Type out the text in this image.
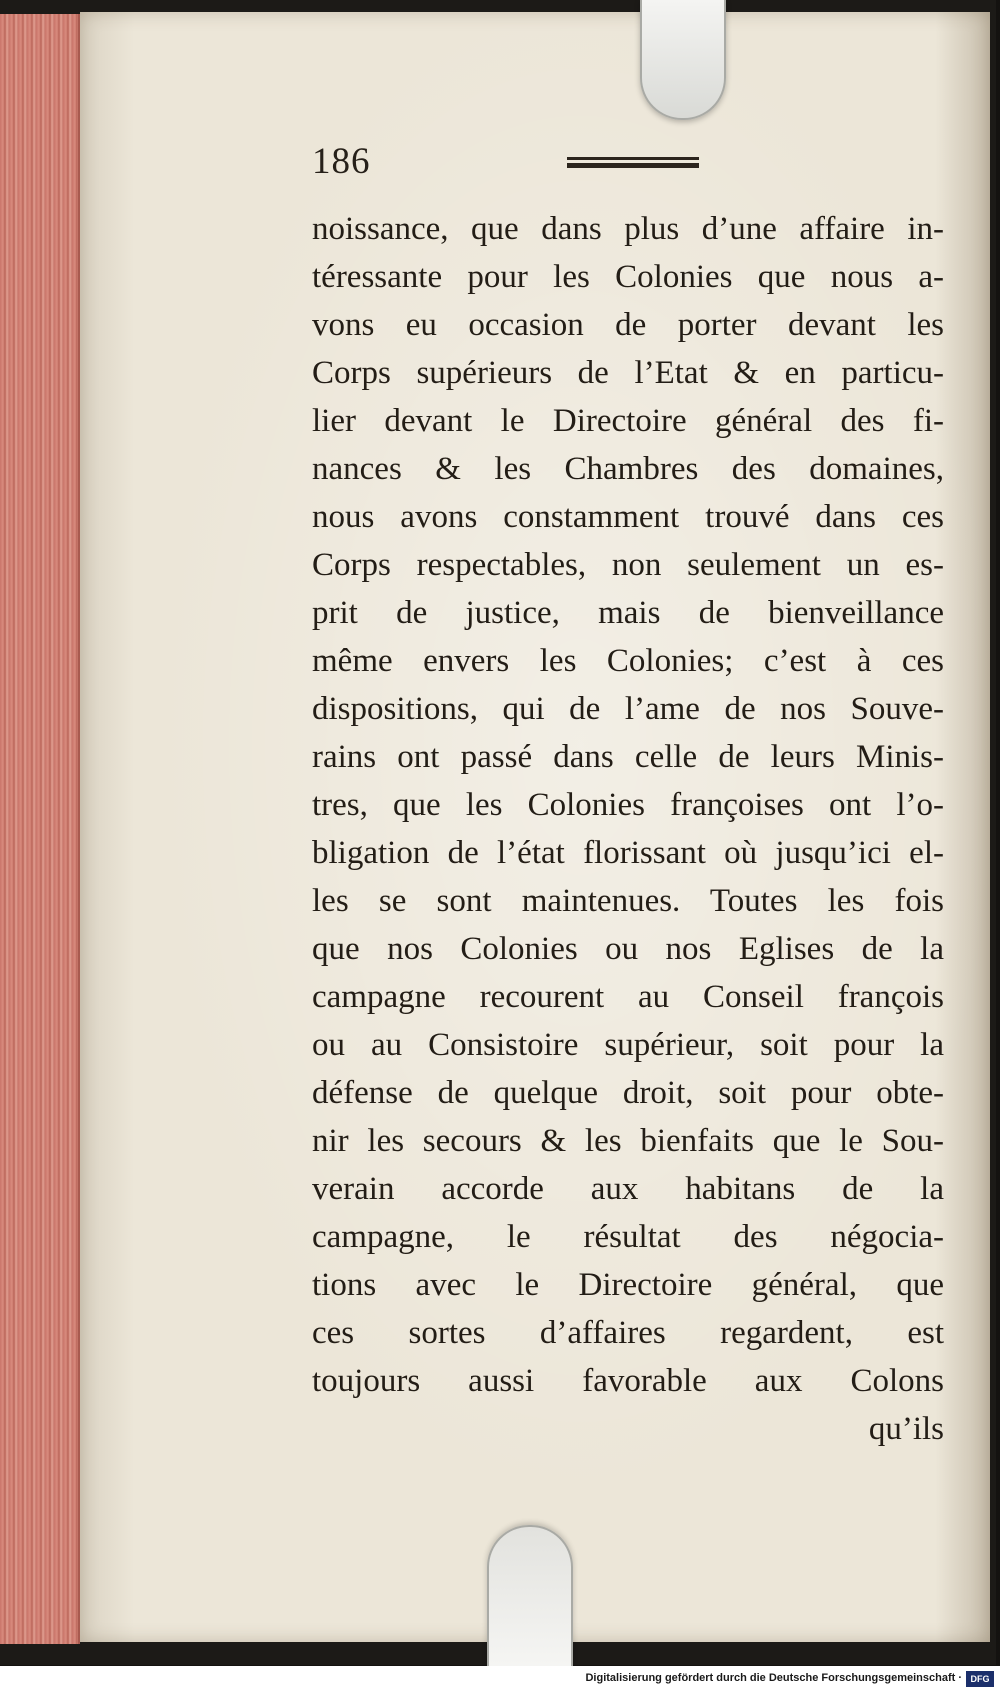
186
noissance, que dans plus d’une affaire in-
téressante pour les Colonies que nous a-
vons eu occasion de porter devant les
Corps supérieurs de l’Etat & en particu-
lier devant le Directoire général des fi-
nances & les Chambres des domaines,
nous avons constamment trouvé dans ces
Corps respectables, non seulement un es-
prit de justice, mais de bienveillance
même envers les Colonies; c’est à ces
dispositions, qui de l’ame de nos Souve-
rains ont passé dans celle de leurs Minis-
tres, que les Colonies françoises ont l’o-
bligation de l’état florissant où jusqu’ici el-
les se sont maintenues. Toutes les fois
que nos Colonies ou nos Eglises de la
campagne recourent au Conseil françois
ou au Consistoire supérieur, soit pour la
défense de quelque droit, soit pour obte-
nir les secours & les bienfaits que le Sou-
verain accorde aux habitans de la
campagne, le résultat des négocia-
tions avec le Directoire général, que
ces sortes d’affaires regardent, est
toujours aussi favorable aux Colons
qu’ils
Digitalisierung gefördert durch die Deutsche Forschungsgemeinschaft · DFG
